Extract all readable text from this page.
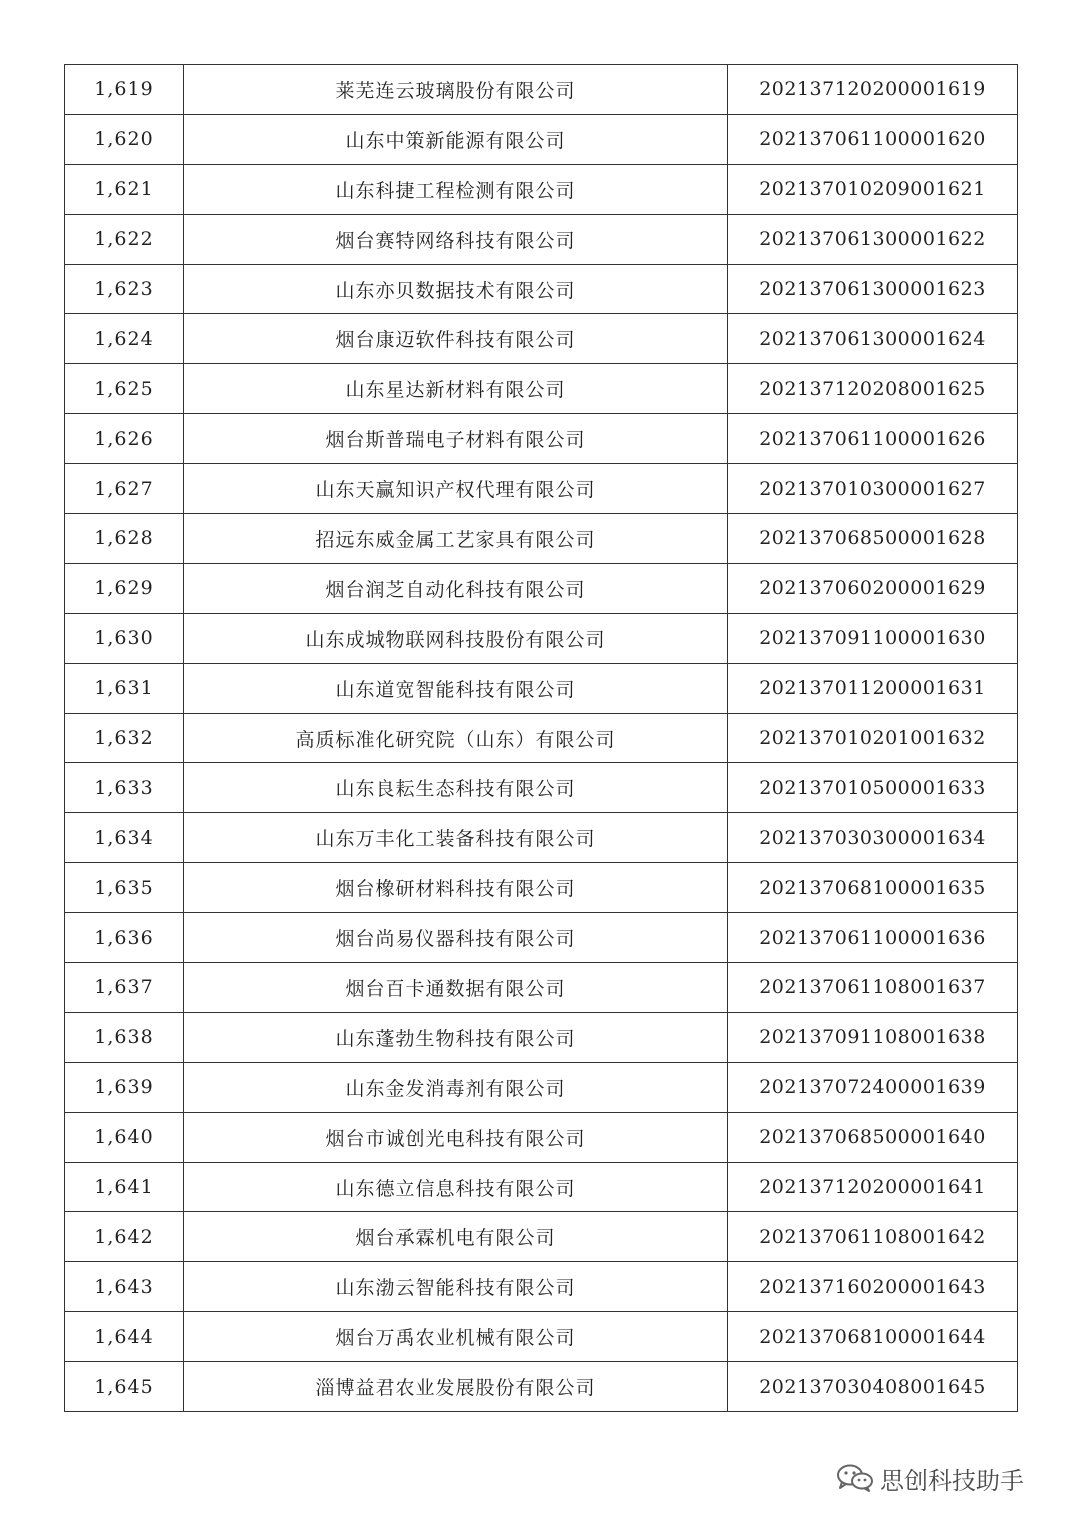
1,619	莱芜连云玻璃股份有限公司	202137120200001619
1,620	山东中策新能源有限公司	202137061100001620
1,621	山东科捷工程检测有限公司	202137010209001621
1,622	烟台赛特网络科技有限公司	202137061300001622
1,623	山东亦贝数据技术有限公司	202137061300001623
1,624	烟台康迈软件科技有限公司	202137061300001624
1,625	山东星达新材料有限公司	202137120208001625
1,626	烟台斯普瑞电子材料有限公司	202137061100001626
1,627	山东天赢知识产权代理有限公司	202137010300001627
1,628	招远东威金属工艺家具有限公司	202137068500001628
1,629	烟台润芝自动化科技有限公司	202137060200001629
1,630	山东成城物联网科技股份有限公司	202137091100001630
1,631	山东道宽智能科技有限公司	202137011200001631
1,632	高质标准化研究院（山东）有限公司	202137010201001632
1,633	山东良耘生态科技有限公司	202137010500001633
1,634	山东万丰化工装备科技有限公司	202137030300001634
1,635	烟台橡研材料科技有限公司	202137068100001635
1,636	烟台尚易仪器科技有限公司	202137061100001636
1,637	烟台百卡通数据有限公司	202137061108001637
1,638	山东蓬勃生物科技有限公司	202137091108001638
1,639	山东金发消毒剂有限公司	202137072400001639
1,640	烟台市诚创光电科技有限公司	202137068500001640
1,641	山东德立信息科技有限公司	202137120200001641
1,642	烟台承霖机电有限公司	202137061108001642
1,643	山东渤云智能科技有限公司	202137160200001643
1,644	烟台万禹农业机械有限公司	202137068100001644
1,645	淄博益君农业发展股份有限公司	202137030408001645
思创科技助手
